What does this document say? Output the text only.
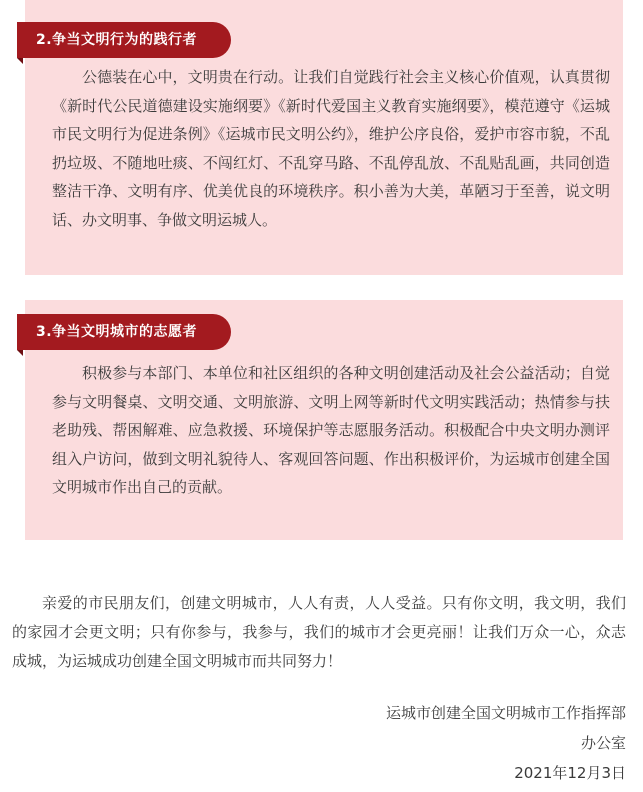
2.争当文明行为的践行者

公德装在心中，文明贵在行动。让我们自觉践行社会主义核心价值观，认真贯彻《新时代公民道德建设实施纲要》《新时代爱国主义教育实施纲要》，模范遵守《运城市民文明行为促进条例》《运城市民文明公约》，维护公序良俗，爱护市容市貌，不乱扔垃圾、不随地吐痰、不闯红灯、不乱穿马路、不乱停乱放、不乱贴乱画，共同创造整洁干净、文明有序、优美优良的环境秩序。积小善为大美，革陋习于至善，说文明话、办文明事、争做文明运城人。

3.争当文明城市的志愿者

积极参与本部门、本单位和社区组织的各种文明创建活动及社会公益活动；自觉参与文明餐桌、文明交通、文明旅游、文明上网等新时代文明实践活动；热情参与扶老助残、帮困解难、应急救援、环境保护等志愿服务活动。积极配合中央文明办测评组入户访问，做到文明礼貌待人、客观回答问题、作出积极评价，为运城市创建全国文明城市作出自己的贡献。

亲爱的市民朋友们，创建文明城市，人人有责，人人受益。只有你文明，我文明，我们的家园才会更文明；只有你参与，我参与，我们的城市才会更亮丽！让我们万众一心，众志成城，为运城成功创建全国文明城市而共同努力！

运城市创建全国文明城市工作指挥部
办公室
2021年12月3日
